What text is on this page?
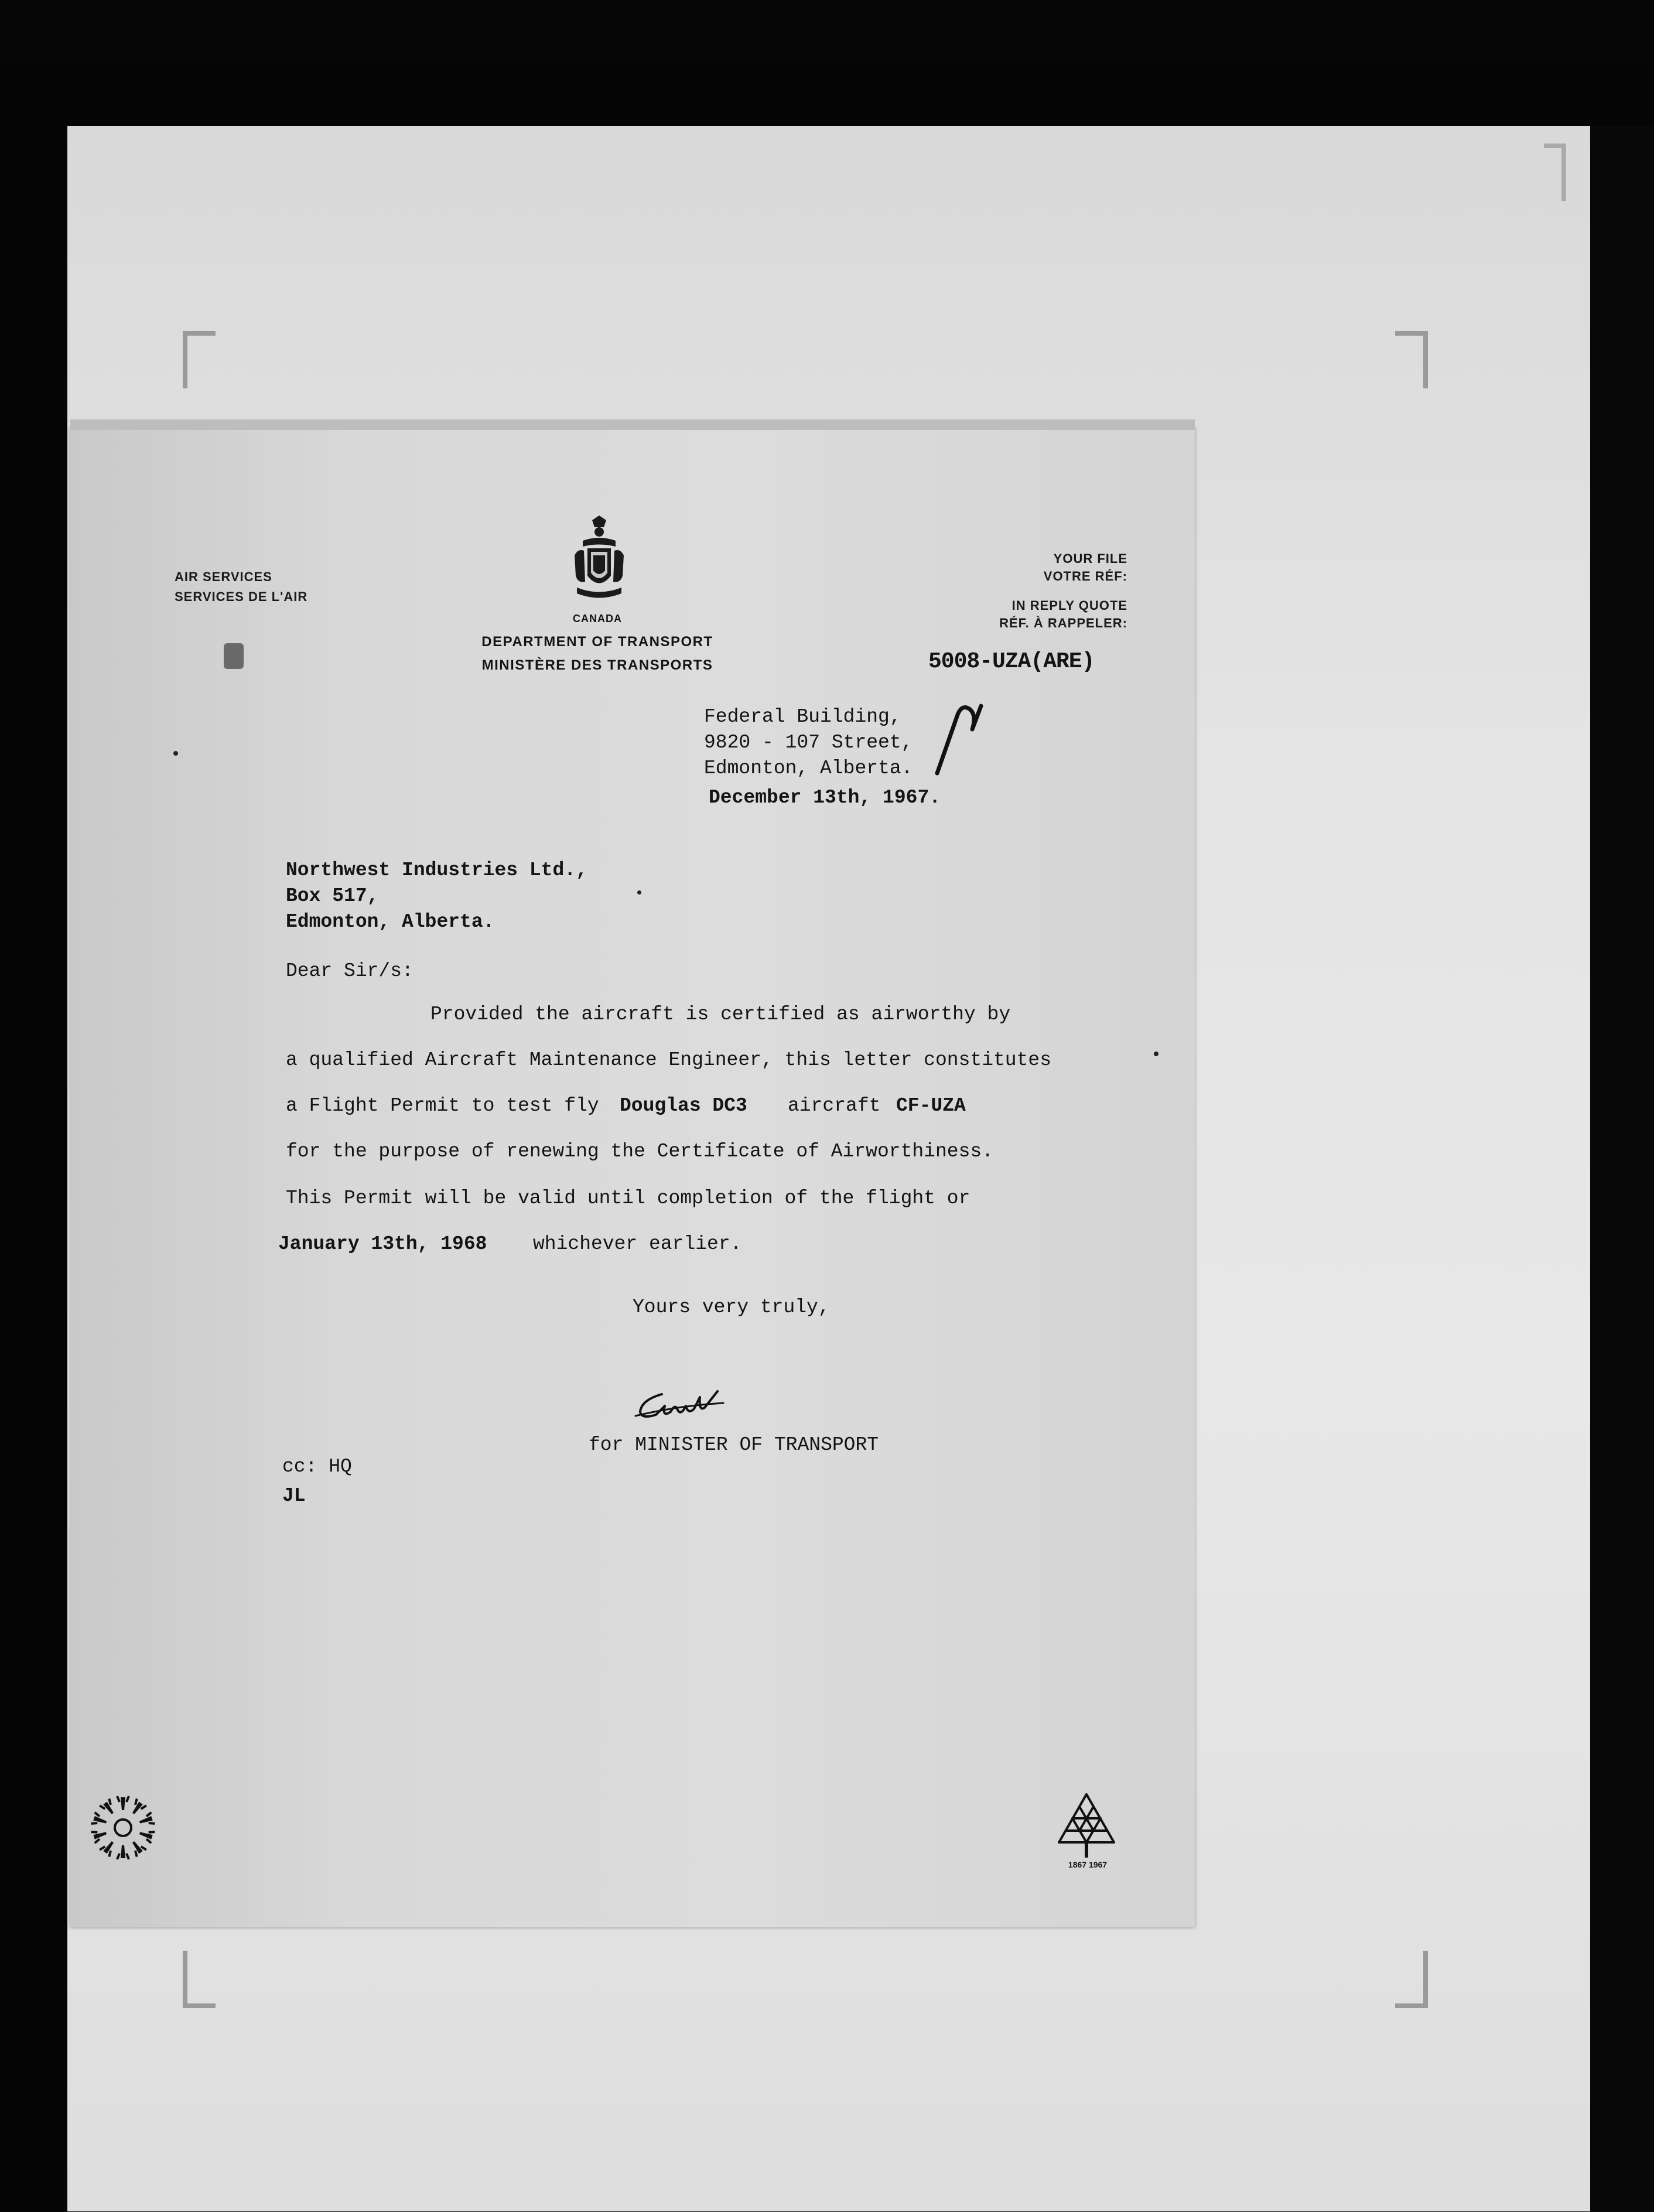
AIR SERVICES
SERVICES DE L'AIR
CANADA
DEPARTMENT OF TRANSPORT
MINISTÈRE DES TRANSPORTS
YOUR FILE
VOTRE RÉF:
IN REPLY QUOTE
RÉF. À RAPPELER:
5008-UZA(ARE)
Federal Building,
9820 - 107 Street,
Edmonton, Alberta.
December 13th, 1967.
Northwest Industries Ltd.,
Box 517,
Edmonton, Alberta.
Dear Sir/s:
Provided the aircraft is certified as airworthy by
a qualified Aircraft Maintenance Engineer, this letter constitutes
a Flight Permit to test fly Douglas DC3 aircraft CF-UZA
for the purpose of renewing the Certificate of Airworthiness.
This Permit will be valid until completion of the flight or
January 13th, 1968 whichever earlier.
Yours very truly,
for MINISTER OF TRANSPORT
cc: HQ
JL
1867 1967
